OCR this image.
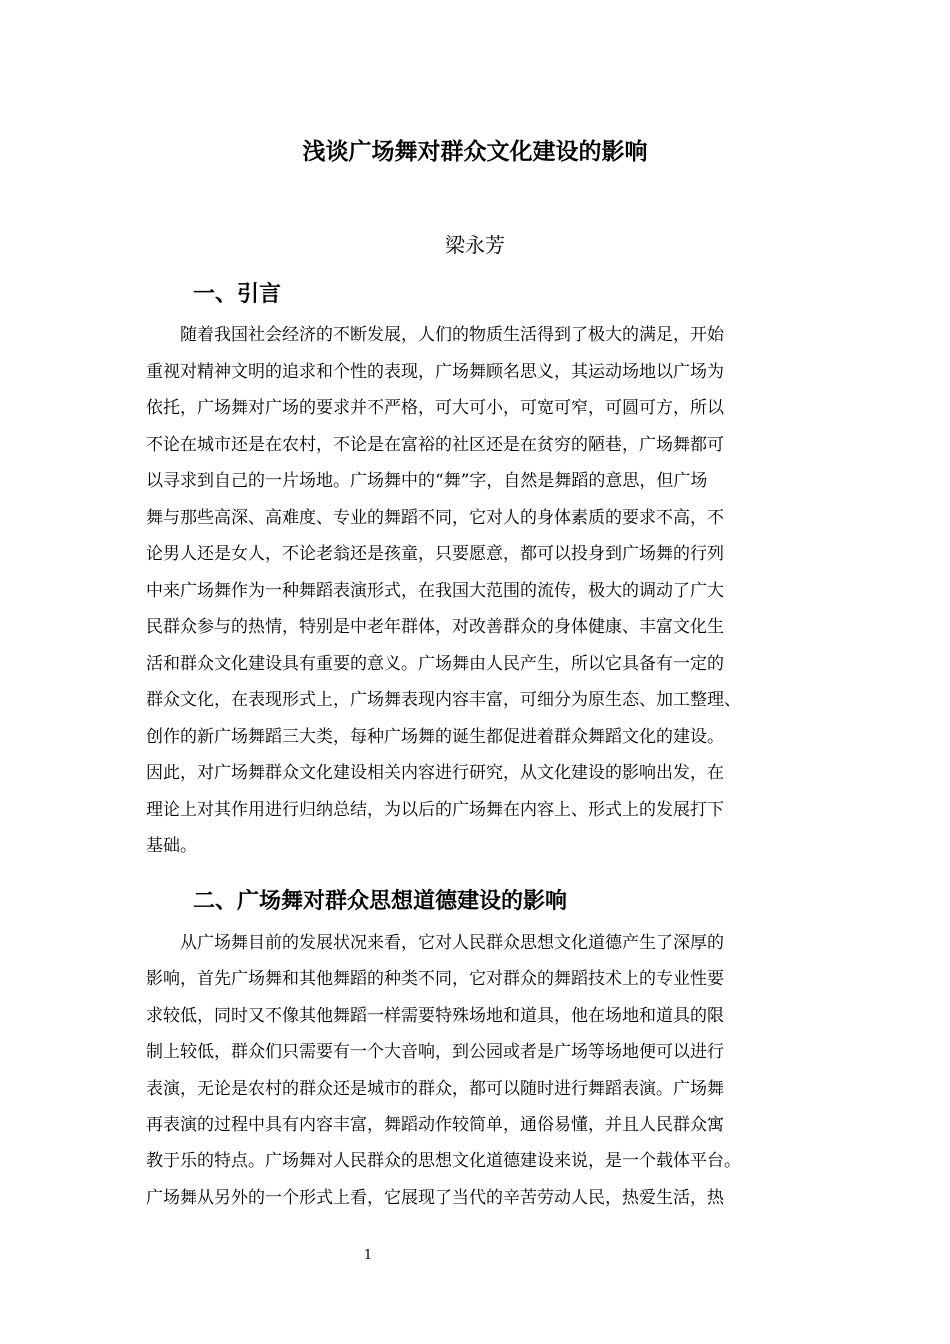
浅谈广场舞对群众文化建设的影响
梁永芳
一、引言
随着我国社会经济的不断发展，人们的物质生活得到了极大的满足，开始
重视对精神文明的追求和个性的表现，广场舞顾名思义，其运动场地以广场为
依托，广场舞对广场的要求并不严格，可大可小，可宽可窄，可圆可方，所以
不论在城市还是在农村，不论是在富裕的社区还是在贫穷的陋巷，广场舞都可
以寻求到自己的一片场地。广场舞中的“舞”字，自然是舞蹈的意思，但广场
舞与那些高深、高难度、专业的舞蹈不同，它对人的身体素质的要求不高，不
论男人还是女人，不论老翁还是孩童，只要愿意，都可以投身到广场舞的行列
中来广场舞作为一种舞蹈表演形式，在我国大范围的流传，极大的调动了广大
民群众参与的热情，特别是中老年群体，对改善群众的身体健康、丰富文化生
活和群众文化建设具有重要的意义。广场舞由人民产生，所以它具备有一定的
群众文化，在表现形式上，广场舞表现内容丰富，可细分为原生态、加工整理、
创作的新广场舞蹈三大类，每种广场舞的诞生都促进着群众舞蹈文化的建设。
因此，对广场舞群众文化建设相关内容进行研究，从文化建设的影响出发，在
理论上对其作用进行归纳总结，为以后的广场舞在内容上、形式上的发展打下
基础。
二、广场舞对群众思想道德建设的影响
从广场舞目前的发展状况来看，它对人民群众思想文化道德产生了深厚的
影响，首先广场舞和其他舞蹈的种类不同，它对群众的舞蹈技术上的专业性要
求较低，同时又不像其他舞蹈一样需要特殊场地和道具，他在场地和道具的限
制上较低，群众们只需要有一个大音响，到公园或者是广场等场地便可以进行
表演，无论是农村的群众还是城市的群众，都可以随时进行舞蹈表演。广场舞
再表演的过程中具有内容丰富，舞蹈动作较简单，通俗易懂，并且人民群众寓
教于乐的特点。广场舞对人民群众的思想文化道德建设来说，是一个载体平台。
广场舞从另外的一个形式上看，它展现了当代的辛苦劳动人民，热爱生活，热
1
